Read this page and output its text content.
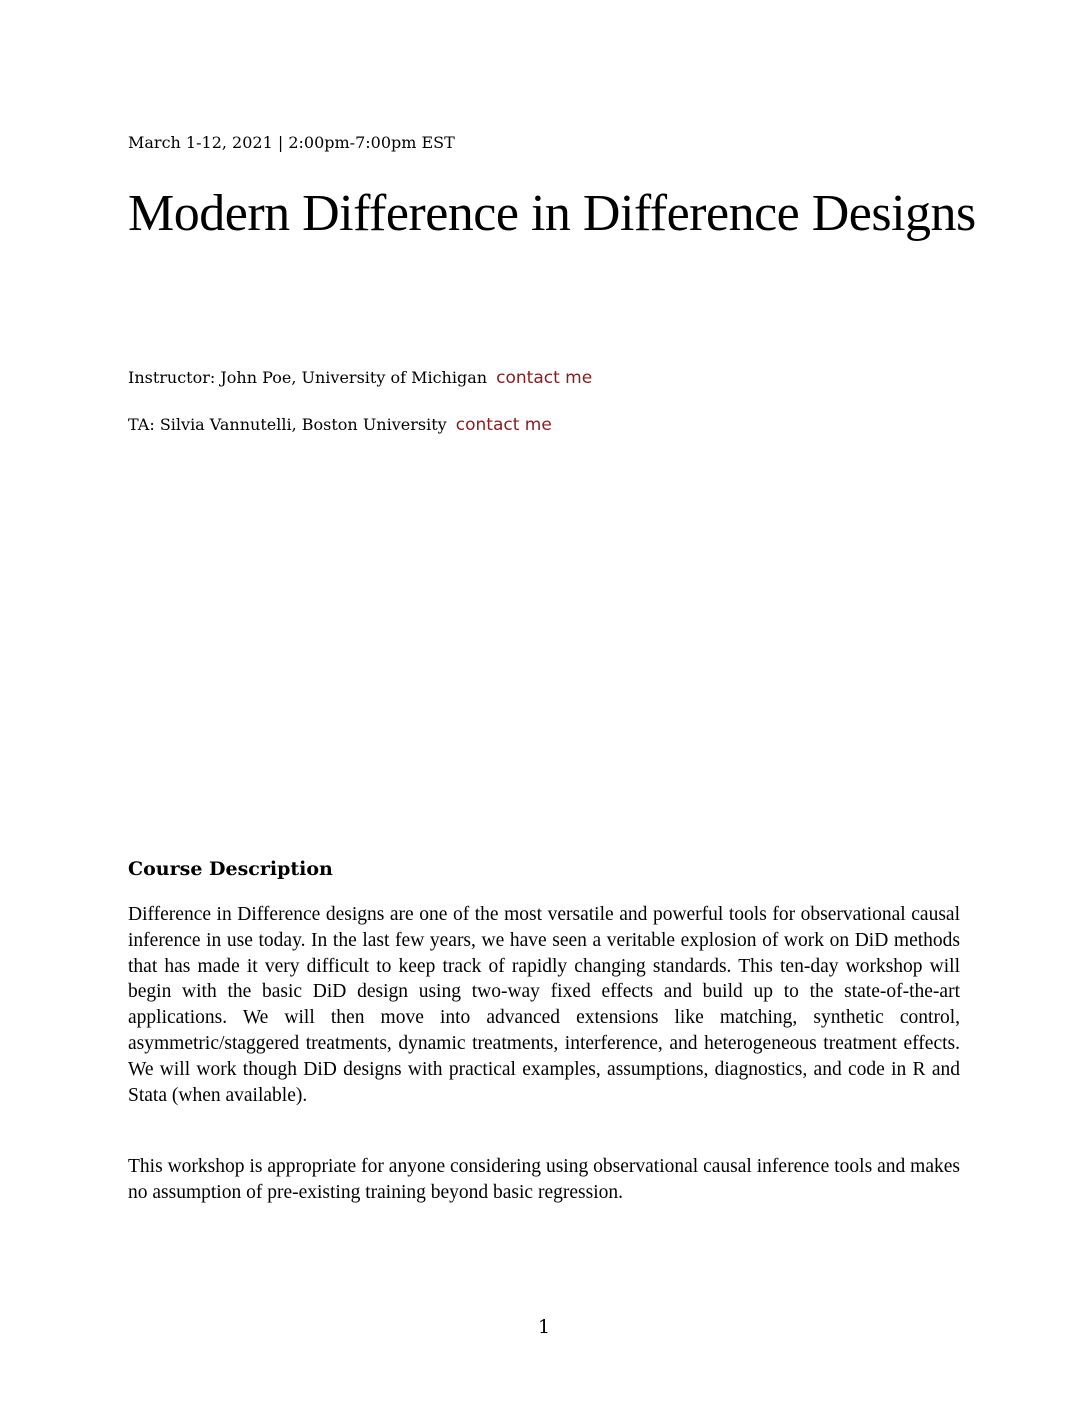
March 1-12, 2021 | 2:00pm-7:00pm EST
Modern Difference in Difference Designs
Instructor: John Poe, University of Michigan contact me
TA: Silvia Vannutelli, Boston University contact me
Course Description

Difference in Difference designs are one of the most versatile and powerful tools for observational causal inference in use today. In the last few years, we have seen a veritable explosion of work on DiD methods that has made it very difficult to keep track of rapidly changing standards. This ten-day workshop will begin with the basic DiD design using two-way fixed effects and build up to the state-of-the-art applications. We will then move into advanced extensions like matching, synthetic control, asymmetric/staggered treatments, dynamic treatments, interference, and heterogeneous treatment effects. We will work though DiD designs with practical examples, assumptions, diagnostics, and code in R and Stata (when available).

This workshop is appropriate for anyone considering using observational causal inference tools and makes no assumption of pre-existing training beyond basic regression.

1
